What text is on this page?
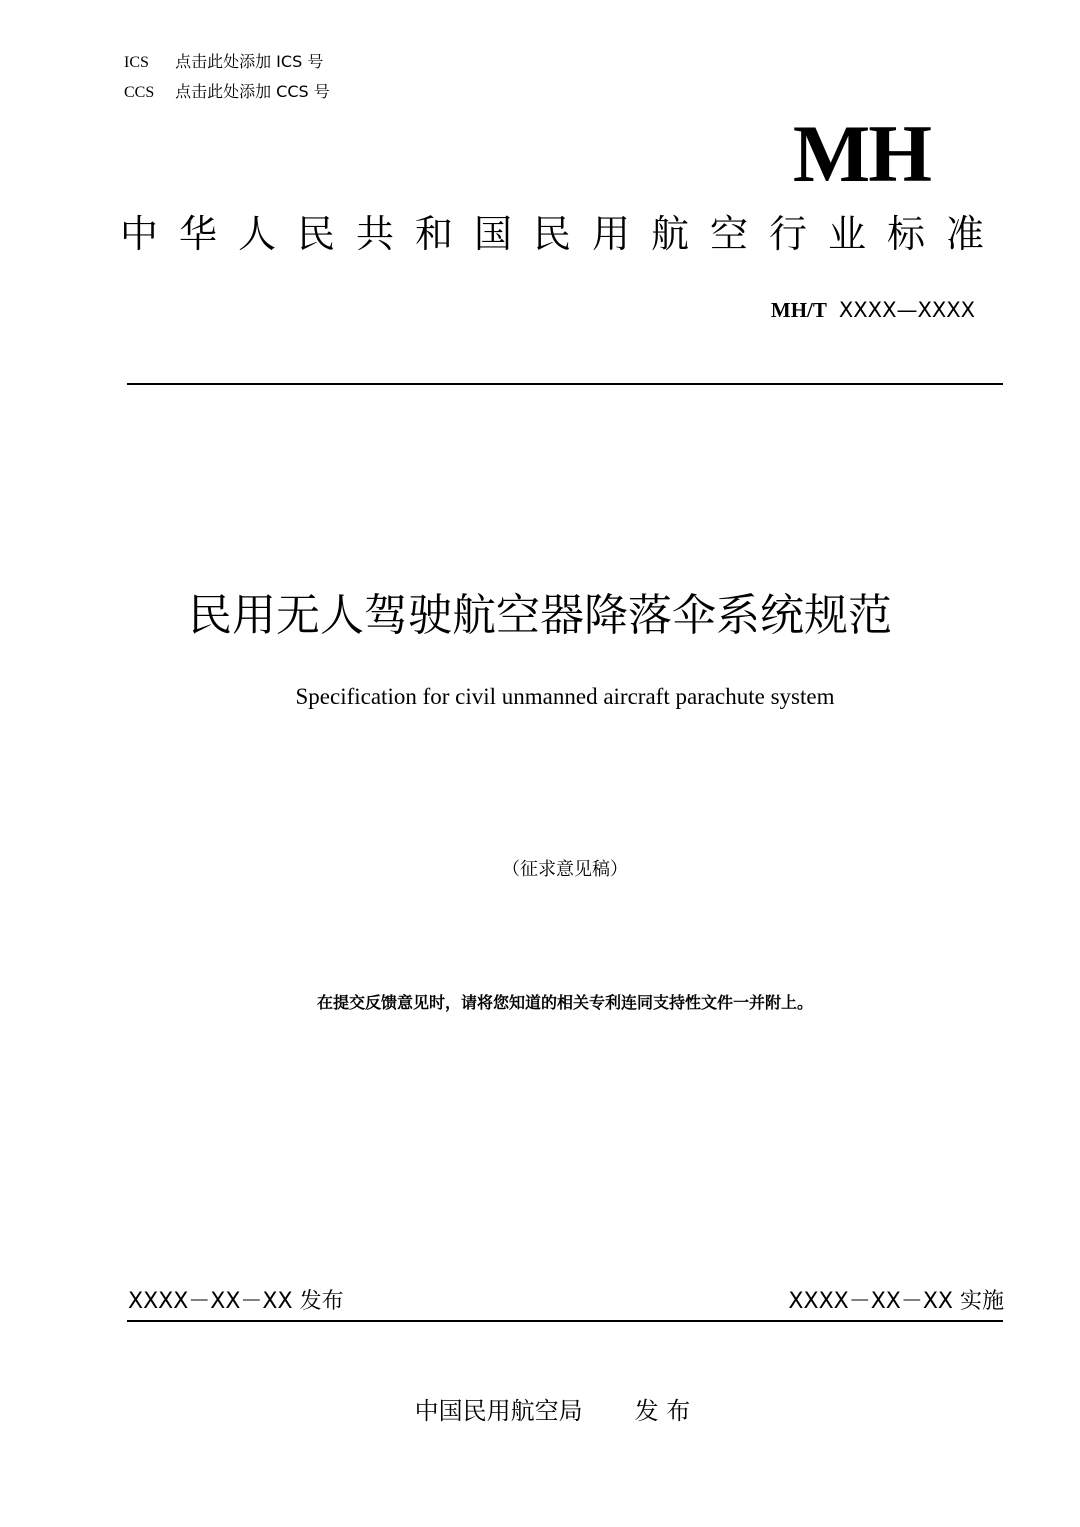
ICS 点击此处添加 ICS 号
CCS 点击此处添加 CCS 号
MH
中华人民共和国民用航空行业标准
MH/T XXXX—XXXX
民用无人驾驶航空器降落伞系统规范
Specification for civil unmanned aircraft parachute system
（征求意见稿）
在提交反馈意见时，请将您知道的相关专利连同支持性文件一并附上。
XXXX－XX－XX 发布	XXXX－XX－XX 实施
中国民用航空局 发 布
